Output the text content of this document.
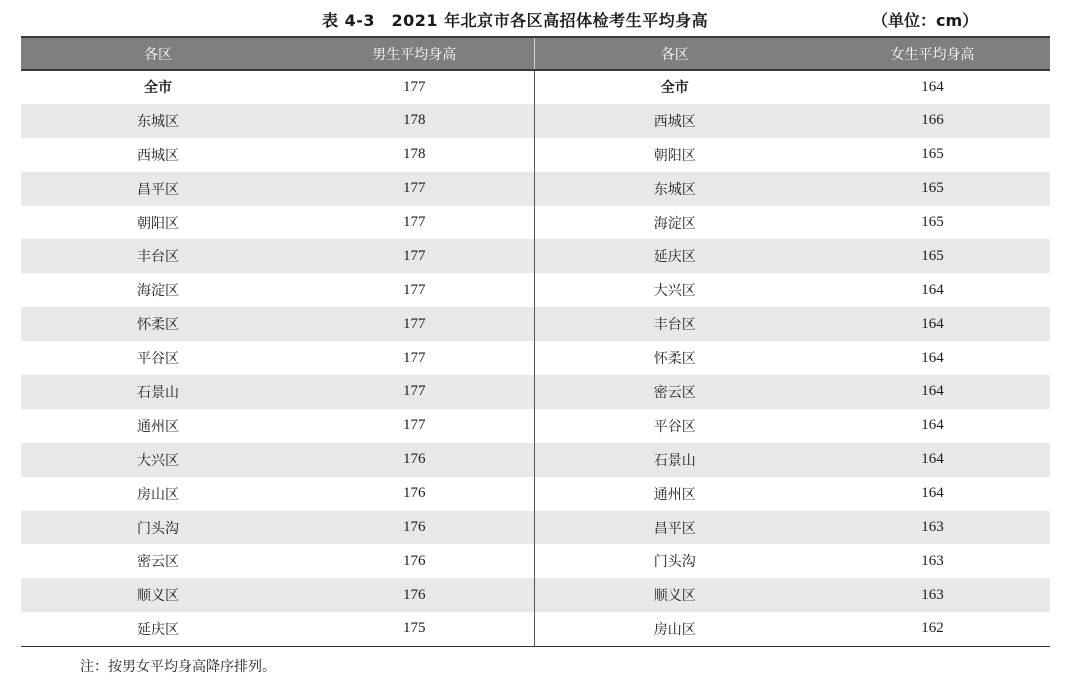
表 4-3　2021 年北京市各区高招体检考生平均身高	（单位：cm）
各区	男生平均身高	各区	女生平均身高
全市	177	全市	164
东城区	178	西城区	166
西城区	178	朝阳区	165
昌平区	177	东城区	165
朝阳区	177	海淀区	165
丰台区	177	延庆区	165
海淀区	177	大兴区	164
怀柔区	177	丰台区	164
平谷区	177	怀柔区	164
石景山	177	密云区	164
通州区	177	平谷区	164
大兴区	176	石景山	164
房山区	176	通州区	164
门头沟	176	昌平区	163
密云区	176	门头沟	163
顺义区	176	顺义区	163
延庆区	175	房山区	162
注：按男女平均身高降序排列。
